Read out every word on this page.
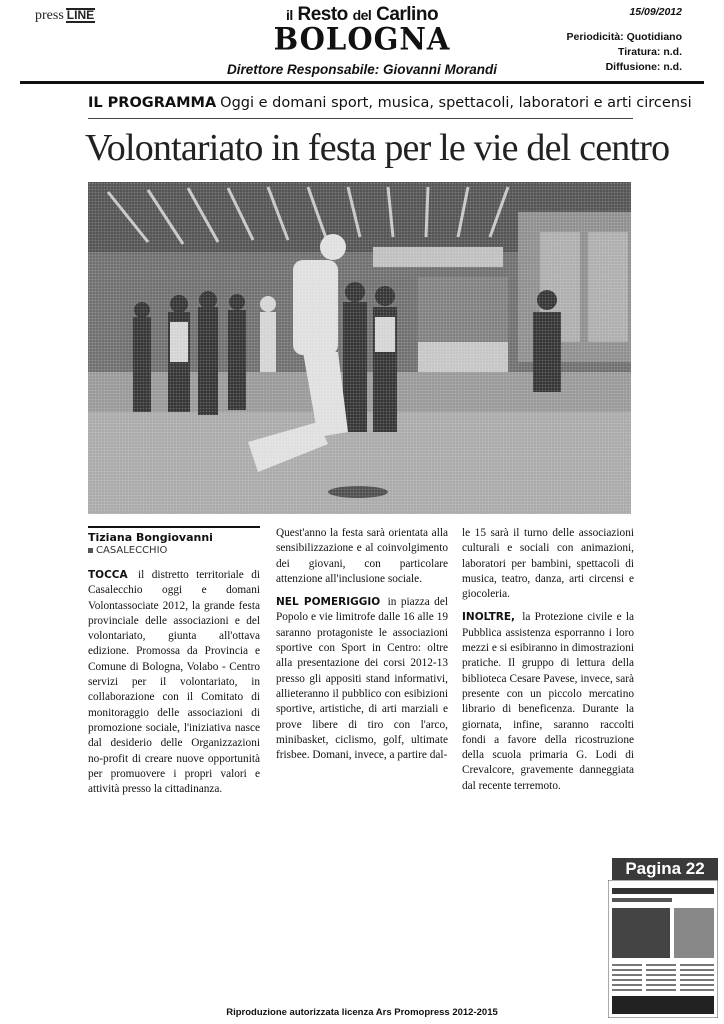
press LINE	il Resto del Carlino
BOLOGNA
Direttore Responsabile: Giovanni Morandi
15/09/2012
Periodicità: Quotidiano
Tiratura: n.d.
Diffusione: n.d.
IL PROGRAMMA Oggi e domani sport, musica, spettacoli, laboratori e arti circensi
Volontariato in festa per le vie del centro
Tiziana Bongiovanni
CASALECCHIO

TOCCA il distretto territoriale di Casalecchio oggi e domani Volontassociate 2012, la grande festa provinciale delle associazioni e del volontariato, giunta all'ottava edizione. Promossa da Provincia e Comune di Bologna, Volabo - Centro servizi per il volontariato, in collaborazione con il Comitato di monitoraggio delle associazioni di promozione sociale, l'iniziativa nasce dal desiderio delle Organizzazioni no-profit di creare nuove opportunità per promuovere i propri valori e attività presso la cittadinanza.

Quest'anno la festa sarà orientata alla sensibilizzazione e al coinvolgimento dei giovani, con particolare attenzione all'inclusione sociale.

NEL POMERIGGIO in piazza del Popolo e vie limitrofe dalle 16 alle 19 saranno protagoniste le associazioni sportive con Sport in Centro: oltre alla presentazione dei corsi 2012-13 presso gli appositi stand informativi, allieteranno il pubblico con esibizioni sportive, artistiche, di arti marziali e prove libere di tiro con l'arco, minibasket, ciclismo, golf, ultimate frisbee. Domani, invece, a partire dal-

le 15 sarà il turno delle associazioni culturali e sociali con animazioni, laboratori per bambini, spettacoli di musica, teatro, danza, arti circensi e giocoleria.

INOLTRE, la Protezione civile e la Pubblica assistenza esporranno i loro mezzi e si esibiranno in dimostrazioni pratiche. Il gruppo di lettura della biblioteca Cesare Pavese, invece, sarà presente con un piccolo mercatino librario di beneficenza. Durante la giornata, infine, saranno raccolti fondi a favore della ricostruzione della scuola primaria G. Lodi di Crevalcore, gravemente danneggiata dal recente terremoto.

Pagina 22
Riproduzione autorizzata licenza Ars Promopress 2012-2015
